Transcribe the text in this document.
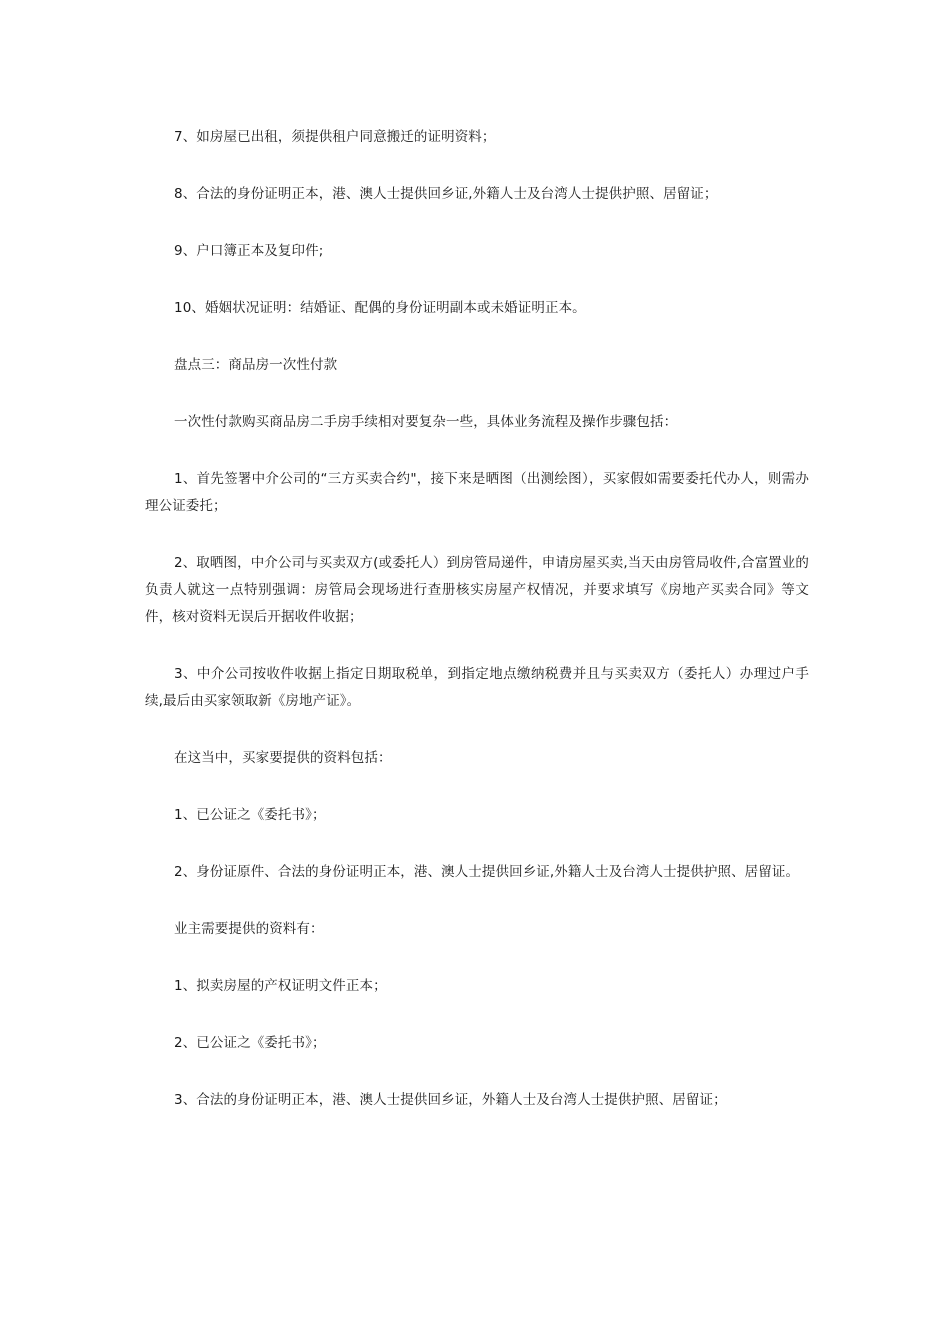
7、如房屋已出租，须提供租户同意搬迁的证明资料；

8、合法的身份证明正本，港、澳人士提供回乡证,外籍人士及台湾人士提供护照、居留证；

9、户口簿正本及复印件;

10、婚姻状况证明：结婚证、配偶的身份证明副本或未婚证明正本。

盘点三：商品房一次性付款

一次性付款购买商品房二手房手续相对要复杂一些，具体业务流程及操作步骤包括：

1、首先签署中介公司的“三方买卖合约"，接下来是晒图（出测绘图），买家假如需要委托代办人，则需办理公证委托；

2、取晒图，中介公司与买卖双方(或委托人）到房管局递件，申请房屋买卖,当天由房管局收件,合富置业的负责人就这一点特别强调：房管局会现场进行查册核实房屋产权情况，并要求填写《房地产买卖合同》等文件，核对资料无误后开据收件收据；

3、中介公司按收件收据上指定日期取税单，到指定地点缴纳税费并且与买卖双方（委托人）办理过户手续,最后由买家领取新《房地产证》。

在这当中，买家要提供的资料包括：

1、已公证之《委托书》；

2、身份证原件、合法的身份证明正本，港、澳人士提供回乡证,外籍人士及台湾人士提供护照、居留证。

业主需要提供的资料有：

1、拟卖房屋的产权证明文件正本；

2、已公证之《委托书》；

3、合法的身份证明正本，港、澳人士提供回乡证，外籍人士及台湾人士提供护照、居留证；
